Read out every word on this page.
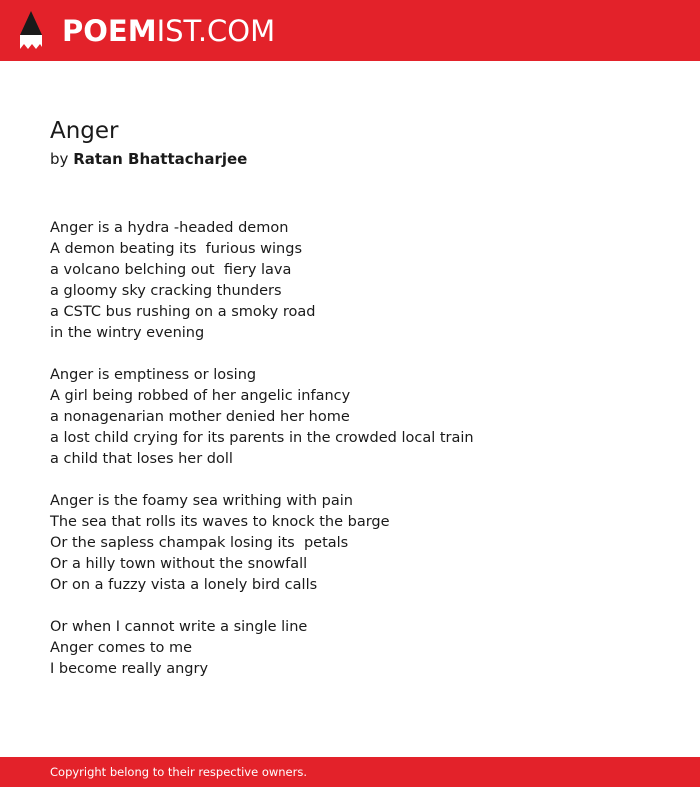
POEMIST.COM
Anger
by Ratan Bhattacharjee
Anger is a hydra -headed demon
A demon beating its  furious wings
a volcano belching out  fiery lava
a gloomy sky cracking thunders
a CSTC bus rushing on a smoky road
in the wintry evening
Anger is emptiness or losing
A girl being robbed of her angelic infancy
a nonagenarian mother denied her home
a lost child crying for its parents in the crowded local train
a child that loses her doll
Anger is the foamy sea writhing with pain
The sea that rolls its waves to knock the barge
Or the sapless champak losing its  petals
Or a hilly town without the snowfall
Or on a fuzzy vista a lonely bird calls
Or when I cannot write a single line
Anger comes to me
I become really angry
Copyright belong to their respective owners.
